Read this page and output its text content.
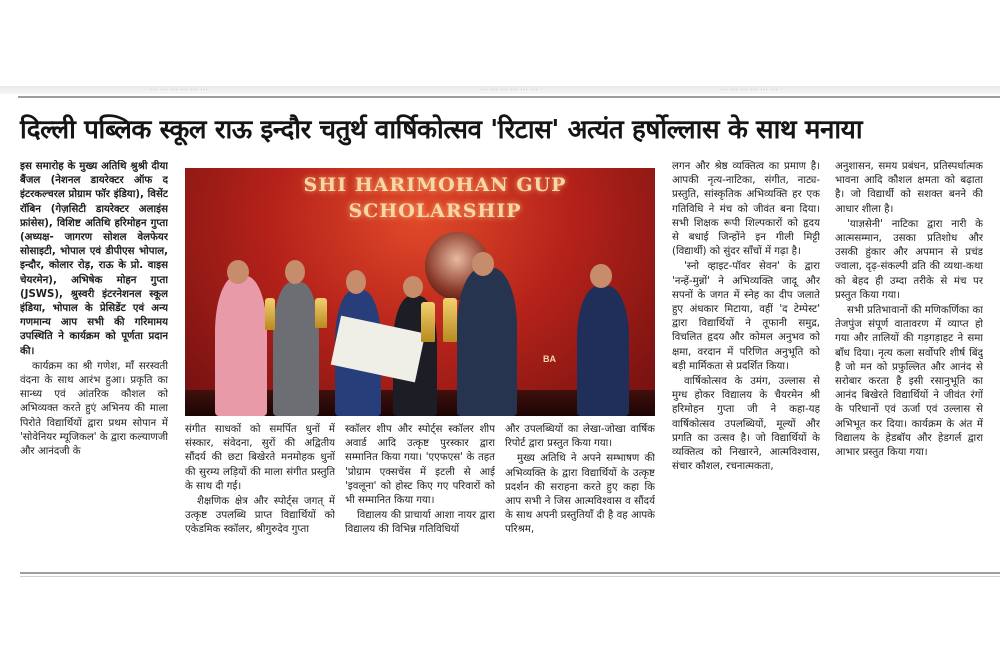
... ... ... ... ... ...	... ... ... ... ... ...	... ... ... ... ... ...
दिल्ली पब्लिक स्कूल राऊ इन्दौर चतुर्थ वार्षिकोत्सव 'रिटास' अत्यंत हर्षोल्लास के साथ मनाया

इस समारोह के मुख्य अतिथि श्रुश्री दीया बैंजल (नेशनल डायरेक्टर ऑफ द इंटरकल्चरल प्रोग्राम फॉर इंडिया), विसेंट रॉबिन (गेज़सिटी डायरेक्टर अलाइंस फ्रांसेस), विशिष्ट अतिथि हरिमोहन गुप्ता (अध्यक्ष- जागरण सोशल वेलफेयर सोसाइटी, भोपाल एवं डीपीएस भोपाल, इन्दौर, कोलार रोड़, राऊ के प्रो. वाइस चेयरमेन), अभिषेक मोहन गुप्ता (JSWS), श्रुस्वरी इंटरनेशनल स्कूल इंडिया, भोपाल के प्रेसिडेंट एवं अन्य गणमान्य आप सभी की गरिमामय उपस्थिति ने कार्यक्रम को पूर्णता प्रदान की।

कार्यक्रम का श्री गणेश, माँ सरस्वती वंदना के साथ आरंभ हुआ। प्रकृति का सान्ध्य एवं आंतरिक कौशल को अभिव्यक्त करते हुएं अभिनय की माला पिरोते विद्यार्थियों द्वारा प्रथम सोपान में 'सोवेनियर म्यूजिकल' के द्वारा कल्याणजी और आनंदजी के

SHI HARIMOHAN GUP
SCHOLARSHIP
BA

संगीत साधकों को समर्पित धुनों में संस्कार, संवेदना, सुरों की अद्वितीय सौंदर्य की छटा बिखेरते मनमोहक धुनों की सुरम्य लड़ियों की माला संगीत प्रस्तुति के साथ दी गई।

शैक्षणिक क्षेत्र और स्पोर्ट्स जगत् में उत्कृष्ट उपलब्धि प्राप्त विद्यार्थियों को एकेडमिक स्कॉलर, श्रीगुरुदेव गुप्ता

स्कॉलर शीप और स्पोर्ट्स स्कॉलर शीप अवार्ड आदि उत्कृष्ट पुरस्कार द्वारा सम्मानित किया गया। 'एएफएस' के तहत 'प्रोग्राम एक्सचेंस में इटली से आई 'इवलूना' को होस्ट किए गए परिवारों को भी सम्मानित किया गया।

विद्यालय की प्राचार्या आशा नायर द्वारा विद्यालय की विभिन्न गतिविधियों

और उपलब्धियों का लेखा-जोखा वार्षिक रिपोर्ट द्वारा प्रस्तुत किया गया।

मुख्य अतिथि ने अपने सम्भाषण की अभिव्यक्ति के द्वारा विद्यार्थियों के उत्कृष्ट प्रदर्शन की सराहना करते हुए कहा कि आप सभी ने जिस आत्मविश्वास व सौंदर्य के साथ अपनी प्रस्तुतियाँ दी है वह आपके परिश्रम,

लगन और श्रेष्ठ व्यक्तित्व का प्रमाण है। आपकी नृत्य-नाटिका, संगीत, नाट्य-प्रस्तुति, सांस्कृतिक अभिव्यक्ति हर एक गतिविधि ने मंच को जीवंत बना दिया। सभी शिक्षक रूपी शिल्पकारों को हृदय से बधाई जिन्होंने इन गीली मिट्टी (विद्यार्थी) को सुंदर साँचों में गढ़ा है।

'स्नो व्हाइट-पॉवर सेवन' के द्वारा 'नन्हें-मुन्नों' ने अभिव्यक्ति जादू और सपनों के जगत में स्नेह का दीप जलाते हुए अंधकार मिटाया, वहीं 'द टेम्पेस्ट' द्वारा विद्यार्थियों ने तूफानी समुद्र, विचलित हृदय और कोमल अनुभव को क्षमा, वरदान में परिणित अनुभूति को बड़ी मार्मिकता से प्रदर्शित किया।

वार्षिकोत्सव के उमंग, उल्लास से मुग्ध होकर विद्यालय के चैयरमेन श्री हरिमोहन गुप्ता जी ने कहा-यह वार्षिकोत्सव उपलब्धियों, मूल्यों और प्रगति का उत्सव है। जो विद्यार्थियों के व्यक्तित्व को निखारने, आत्मविश्वास, संचार कौशल, रचनात्मकता,

अनुशासन, समय प्रबंधन, प्रतिस्पर्धात्मक भावना आदि कौशल क्षमता को बढ़ाता है। जो विद्यार्थी को सशक्त बनने की आधार शीला है।

'याज्ञसेनी' नाटिका द्वारा नारी के आत्मसम्मान, उसका प्रतिशोध और उसकी हुंकार और अपमान से प्रचंड ज्वाला, दृढ़-संकल्पी व्रति की व्यथा-कथा को बेहद ही उम्दा तरीके से मंच पर प्रस्तुत किया गया।

सभी प्रतिभावानों की मणिकर्णिका का तेजपुंज संपूर्ण वातावरण में व्याप्त हो गया और तालियों की गड़गड़ाहट ने समा बाँध दिया। नृत्य कला सर्वोपरि शीर्ष बिंदु है जो मन को प्रफुल्लित और आनंद से सरोबार करता है इसी रसानुभूति का आनंद बिखेरते विद्यार्थियों ने जीवंत रंगों के परिधानों एवं ऊर्जा एवं उल्लास से अभिभूत कर दिया। कार्यक्रम के अंत में विद्यालय के हेडबॉय और हेडगर्ल द्वारा आभार प्रस्तुत किया गया।
